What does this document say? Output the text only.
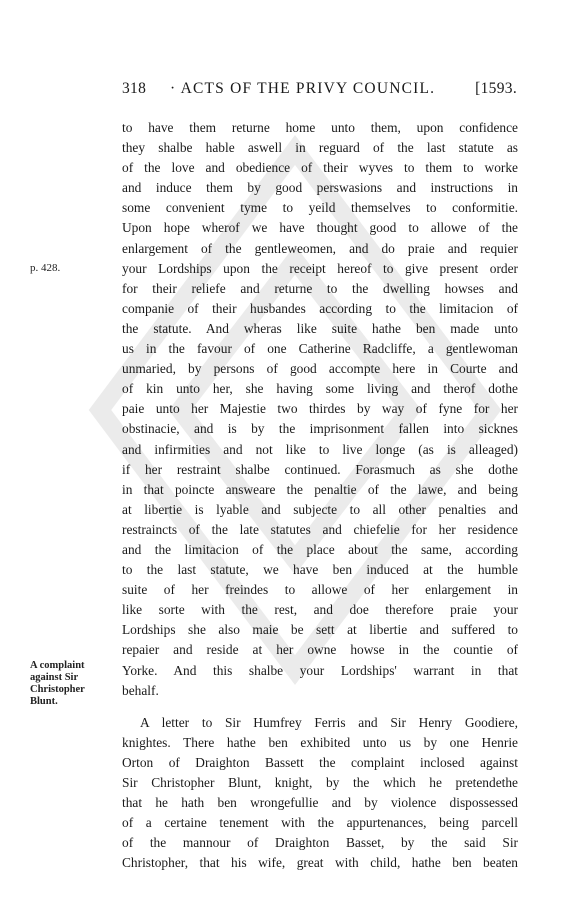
318 · ACTS OF THE PRIVY COUNCIL.	[1593.
p. 428.
A complaint
against Sir
Christopher
Blunt.

to have them returne home unto them, upon confidence
they shalbe hable aswell in reguard of the last statute as
of the love and obedience of their wyves to them to worke
and induce them by good perswasions and instructions in
some convenient tyme to yeild themselves to conformitie.
Upon hope wherof we have thought good to allowe of the
enlargement of the gentleweomen, and do praie and requier
your Lordships upon the receipt hereof to give present order
for their reliefe and returne to the dwelling howses and
companie of their husbandes according to the limitacion of
the statute. And wheras like suite hathe ben made unto
us in the favour of one Catherine Radcliffe, a gentlewoman
unmaried, by persons of good accompte here in Courte and
of kin unto her, she having some living and therof dothe
paie unto her Majestie two thirdes by way of fyne for her
obstinacie, and is by the imprisonment fallen into sicknes
and infirmities and not like to live longe (as is alleaged)
if her restraint shalbe continued. Forasmuch as she dothe
in that poincte answeare the penaltie of the lawe, and being
at libertie is lyable and subjecte to all other penalties and
restraincts of the late statutes and chiefelie for her residence
and the limitacion of the place about the same, according
to the last statute, we have ben induced at the humble
suite of her freindes to allowe of her enlargement in
like sorte with the rest, and doe therefore praie your
Lordships she also maie be sett at libertie and suffered to
repaier and reside at her owne howse in the countie of
Yorke. And this shalbe your Lordships' warrant in that
behalf.

A letter to Sir Humfrey Ferris and Sir Henry Goodiere,
knightes. There hathe ben exhibited unto us by one Henrie
Orton of Draighton Bassett the complaint inclosed against
Sir Christopher Blunt, knight, by the which he pretendethe
that he hath ben wrongefullie and by violence dispossessed
of a certaine tenement with the appurtenances, being parcell
of the mannour of Draighton Basset, by the said Sir
Christopher, that his wife, great with child, hathe ben beaten
